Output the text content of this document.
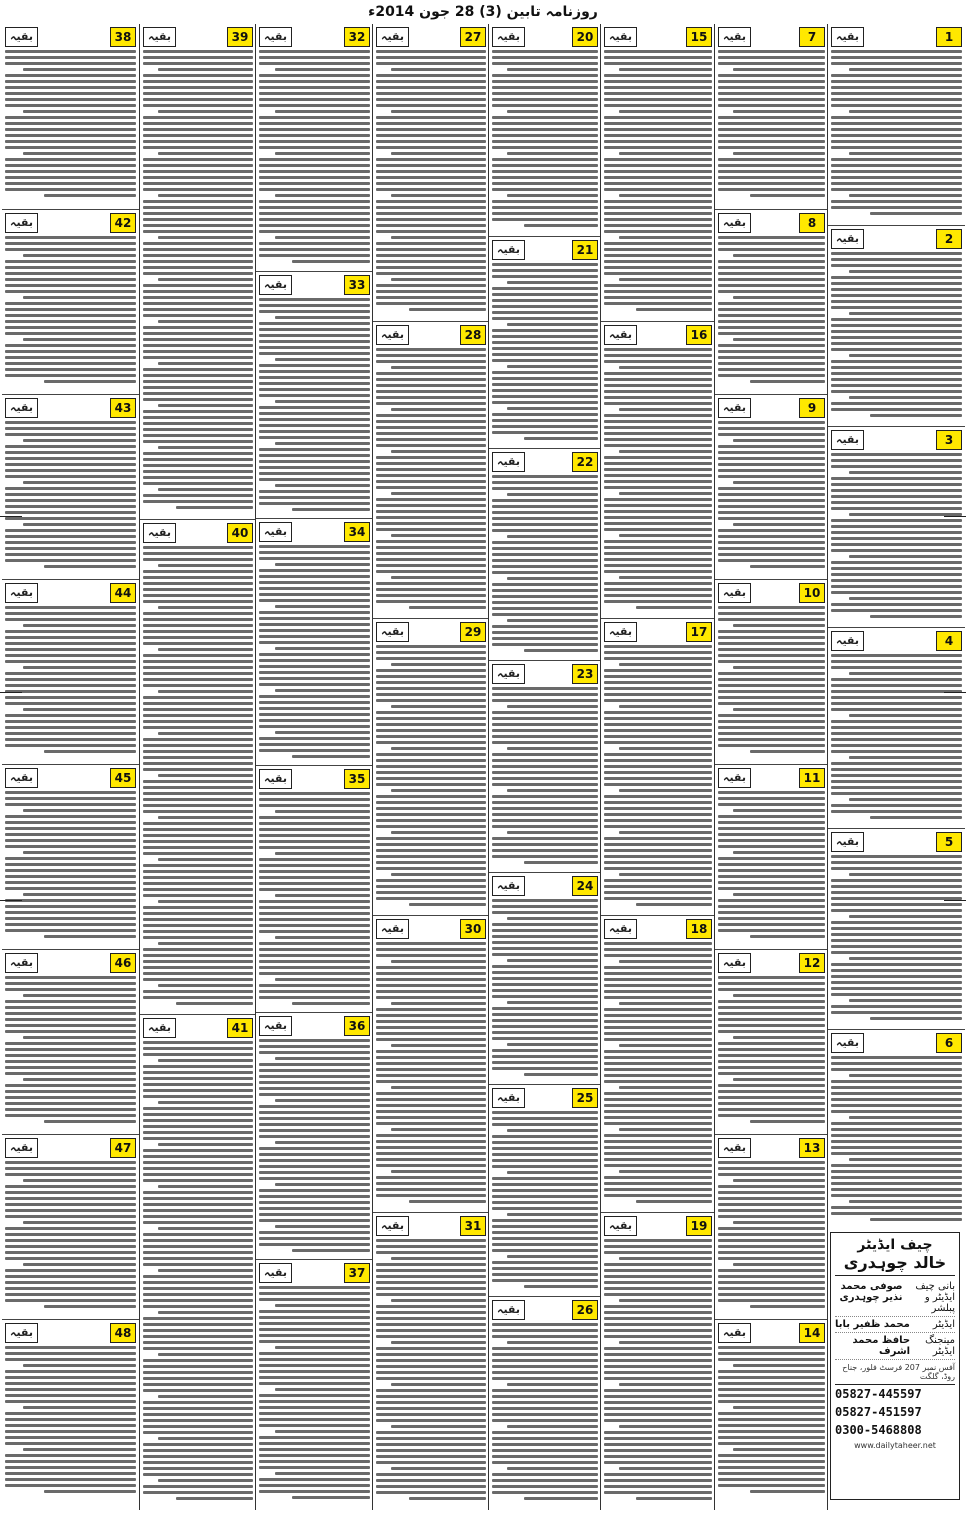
روزنامہ تابین (3) 28 جون 2014ء
38
بقیہ
42
بقیہ
43
بقیہ
44
بقیہ
45
بقیہ
46
بقیہ
47
بقیہ
48
بقیہ
39
بقیہ
40
بقیہ
41
بقیہ
32
بقیہ
33
بقیہ
34
بقیہ
35
بقیہ
36
بقیہ
37
بقیہ
27
بقیہ
28
بقیہ
29
بقیہ
30
بقیہ
31
بقیہ
20
بقیہ
21
بقیہ
22
بقیہ
23
بقیہ
24
بقیہ
25
بقیہ
26
بقیہ
15
بقیہ
16
بقیہ
17
بقیہ
18
بقیہ
19
بقیہ
7
بقیہ
8
بقیہ
9
بقیہ
10
بقیہ
11
بقیہ
12
بقیہ
13
بقیہ
14
بقیہ
1
بقیہ
2
بقیہ
3
بقیہ
4
بقیہ
5
بقیہ
6
بقیہ
چیف ایڈیٹر
خالد چوہدری
بانی چیف ایڈیٹر و پبلشر
صوفی محمد نذیر چوہدری
ایڈیٹر
محمد ظفیر بابا
مینجنگ ایڈیٹر
حافظ محمد اشرف
آفس نمبر 207 فرسٹ فلور، جناح روڈ، گلگت
05827-445597
05827-451597
0300-5468808
www.dailytaheer.net
